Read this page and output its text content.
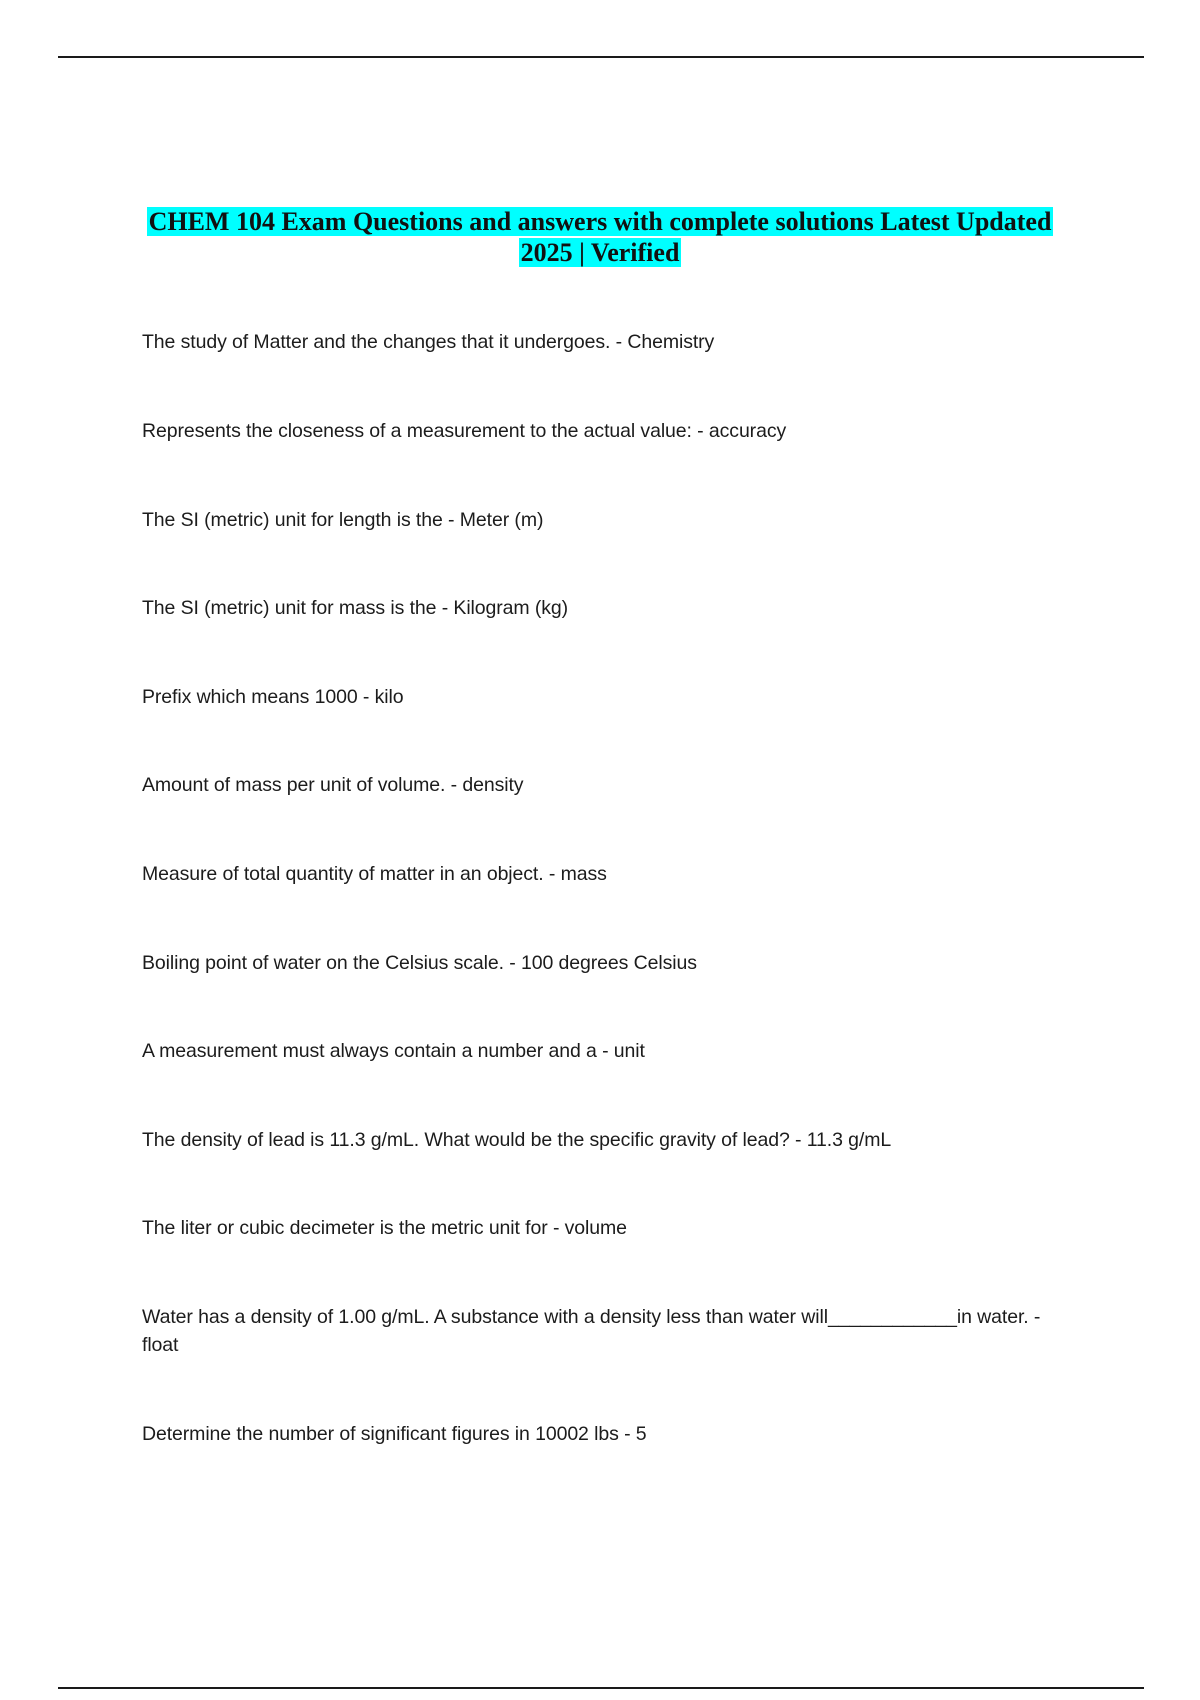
CHEM 104 Exam Questions and answers with complete solutions Latest Updated 2025 | Verified
The study of Matter and the changes that it undergoes. - Chemistry
Represents the closeness of a measurement to the actual value: - accuracy
The SI (metric) unit for length is the - Meter (m)
The SI (metric) unit for mass is the - Kilogram (kg)
Prefix which means 1000 - kilo
Amount of mass per unit of volume. - density
Measure of total quantity of matter in an object. - mass
Boiling point of water on the Celsius scale. - 100 degrees Celsius
A measurement must always contain a number and a - unit
The density of lead is 11.3 g/mL. What would be the specific gravity of lead? - 11.3 g/mL
The liter or cubic decimeter is the metric unit for - volume
Water has a density of 1.00 g/mL. A substance with a density less than water will____________in water. - float
Determine the number of significant figures in 10002 lbs - 5
